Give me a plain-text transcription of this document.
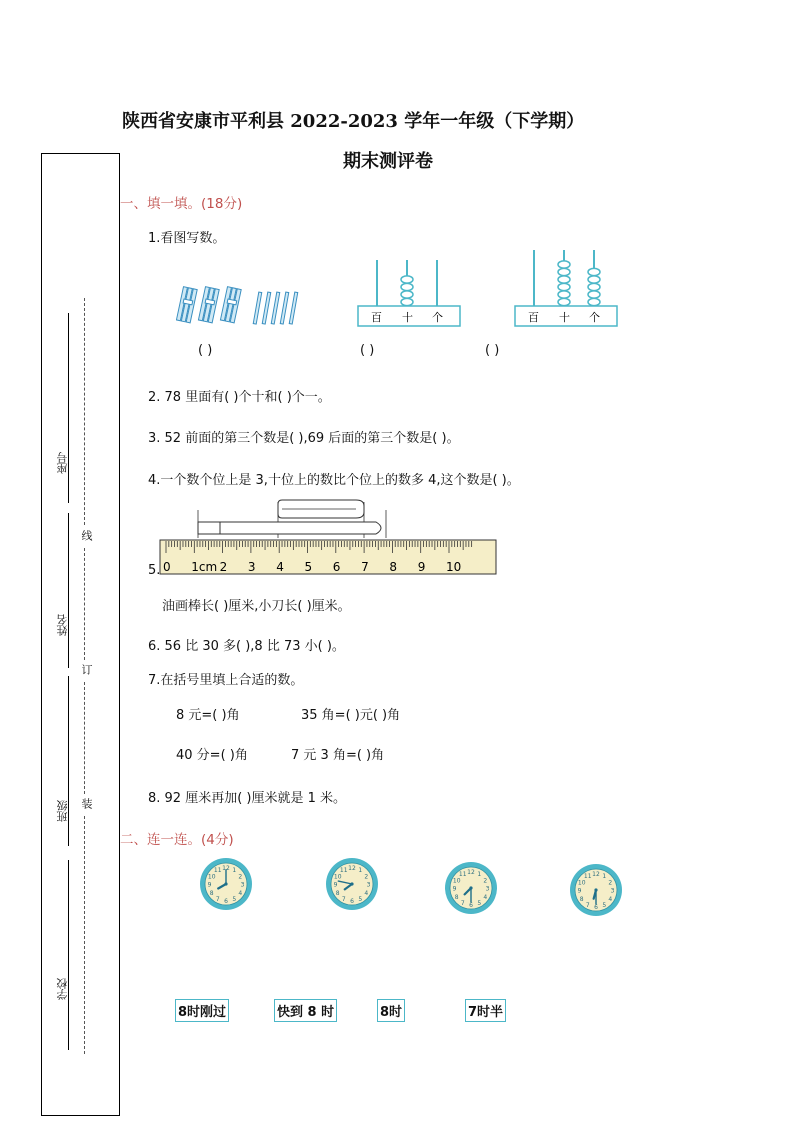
座号
姓名
班级
学校
线
订
装
陕西省安康市平利县 2022-2023 学年一年级（下学期）
期末测评卷
一、填一填。(18分)
1.看图写数。
百 十 个	百 十 个
( )	( )	( )
2. 78 里面有( )个十和( )个一。
3. 52 前面的第三个数是( ),69 后面的第三个数是( )。
4.一个数个位上是 3,十位上的数比个位上的数多 4,这个数是( )。
0 1cm 2 3 4 5 6 7 8 9 10
5.
油画棒长( )厘米,小刀长( )厘米。
6. 56 比 30 多( ),8 比 73 小( )。
7.在括号里填上合适的数。
8 元=( )角	35 角=( )元( )角
40 分=( )角	7 元 3 角=( )角
8. 92 厘米再加( )厘米就是 1 米。
二、连一连。(4分)
1
2
3
4
5
6
7
8
9
10
11 12	1
2
3
4
5
6
7
8
9
10
11 12
1
2
3
4
5
6
7
8
9
10
11 12
1
2
3
4
5
6
7
8
9
10
11 12
8时刚过	快到 8 时	8时	7时半
